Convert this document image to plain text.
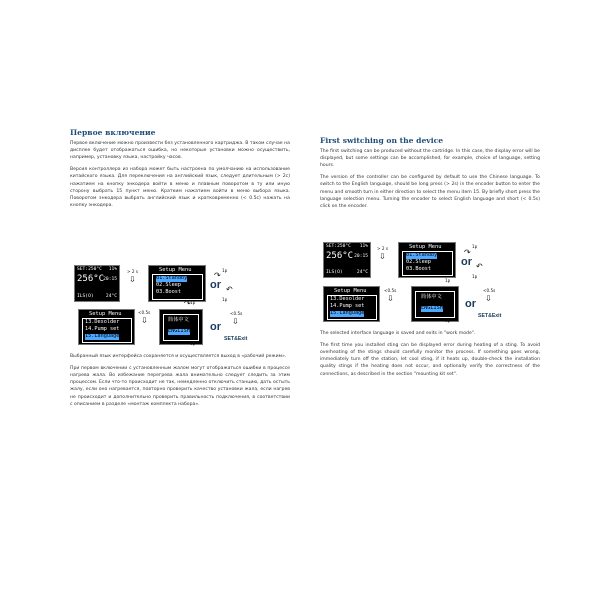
Первое включение

Первое включение можно произвести без установленного картриджа. В таком случае на дисплее будет отображаться ошибка, но некоторые установки можно осуществить, например, установку языка, настройку часов.

Версия контроллера из набора может быть настроена по умолчанию на использование китайского языка. Для переключения на английский язык, следует длительным (> 2с) нажатием на кнопку энкодера войти в меню и плавным поворотом в ту или иную сторону выбрать 15 пункт меню. Кратким нажатием войти в меню выбора языка. Поворотом энкодера выбрать английский язык и кратковременно (< 0.5с) нажать на кнопку энкодера.

SET:250°C 11%
256°C 20:15
ILS(O)	24°C
> 2 s
⇩
Setup Menu
01.Standby
02.Sleep
03.Boost
1p
↷
or ↶
1p
Setup Menu
13.Desolder
14.Pump set
15.Language
<0.5s
⇩	简体中文
ENGLISH
1p
↷
or
<0.5s
⇩
SET&Exit
1p

Выбранный язык интерфейса сохраняется и осуществляется выход в «рабочий режим».

При первом включении с установленным жалом могут отображаться ошибки в процессе нагрева жала. Во избежание перегрева жала внимательно следует следить за этим процессом. Если что-то происходит не так, немедленно отключить станцию, дать остыть жалу, если оно нагревается, повторно проверить качество установки жала, если нагрев не происходит и дополнительно проверить правильность подключения, в соответствии с описанием в разделе «монтаж комплекта набора».

First switching on the device

The first switching can be produced without the cartridge. In this case, the display error will be displayed, but some settings can be accomplished, for example, choice of language, setting hours.

The version of the controller can be configured by default to use the Chinese language. To switch to the English language, should be long press (> 2s) in the encoder button to enter the menu and smooth turn in either direction to select the menu item 15. By briefly short press the language selection menu. Turning the encoder to select English language and short (< 0.5s) click on the encoder.

SET:250°C 11%
256°C 20:15
ILS(O)	24°C
> 2 s
⇩
Setup Menu
01.Standby
02.Sleep
03.Boost
1p
↷
or ↶
1p
Setup Menu
13.Desolder
14.Pump set
15.Language
<0.5s
⇩	简体中文
ENGLISH
1p
or
<0.5s
⇩
SET&Exit
1p

The selected interface language is saved and exits in "work mode".

The first time you installed sting can be displayed error during heating of a sting. To avoid overheating of the stings should carefully monitor the process. If something goes wrong, immediately turn off the station, let cool sting, if it heats up, double-check the installation quality stings if the heating does not occur, and optionally verify the correctness of the connections, as described in the section "mounting kit set".
